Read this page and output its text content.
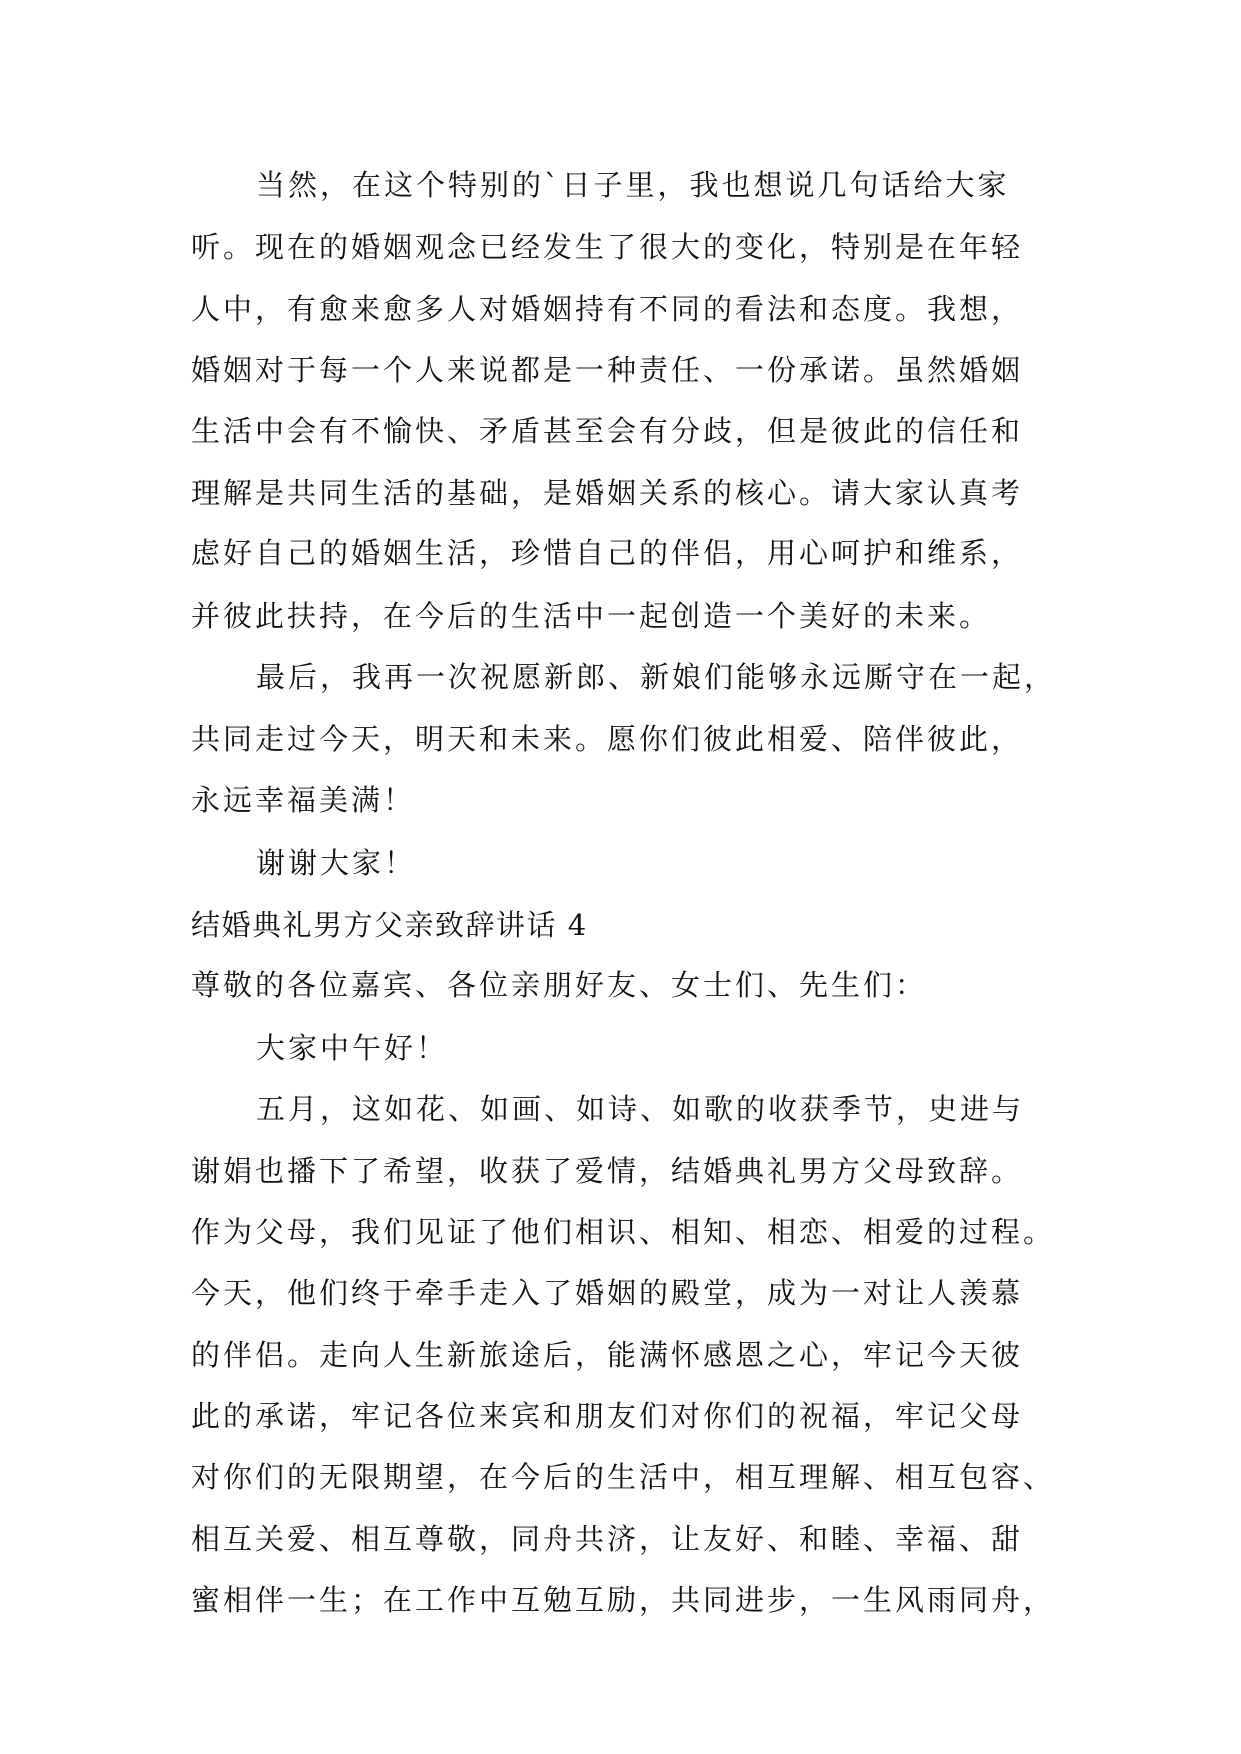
当然，在这个特别的`日子里，我也想说几句话给大家
听。现在的婚姻观念已经发生了很大的变化，特别是在年轻
人中，有愈来愈多人对婚姻持有不同的看法和态度。我想，
婚姻对于每一个人来说都是一种责任、一份承诺。虽然婚姻
生活中会有不愉快、矛盾甚至会有分歧，但是彼此的信任和
理解是共同生活的基础，是婚姻关系的核心。请大家认真考
虑好自己的婚姻生活，珍惜自己的伴侣，用心呵护和维系，
并彼此扶持，在今后的生活中一起创造一个美好的未来。
最后，我再一次祝愿新郎、新娘们能够永远厮守在一起，
共同走过今天，明天和未来。愿你们彼此相爱、陪伴彼此，
永远幸福美满！
谢谢大家！
结婚典礼男方父亲致辞讲话 4
尊敬的各位嘉宾、各位亲朋好友、女士们、先生们：
大家中午好！
五月，这如花、如画、如诗、如歌的收获季节，史进与
谢娟也播下了希望，收获了爱情，结婚典礼男方父母致辞。
作为父母，我们见证了他们相识、相知、相恋、相爱的过程。
今天，他们终于牵手走入了婚姻的殿堂，成为一对让人羡慕
的伴侣。走向人生新旅途后，能满怀感恩之心，牢记今天彼
此的承诺，牢记各位来宾和朋友们对你们的祝福，牢记父母
对你们的无限期望，在今后的生活中，相互理解、相互包容、
相互关爱、相互尊敬，同舟共济，让友好、和睦、幸福、甜
蜜相伴一生；在工作中互勉互励，共同进步，一生风雨同舟，
